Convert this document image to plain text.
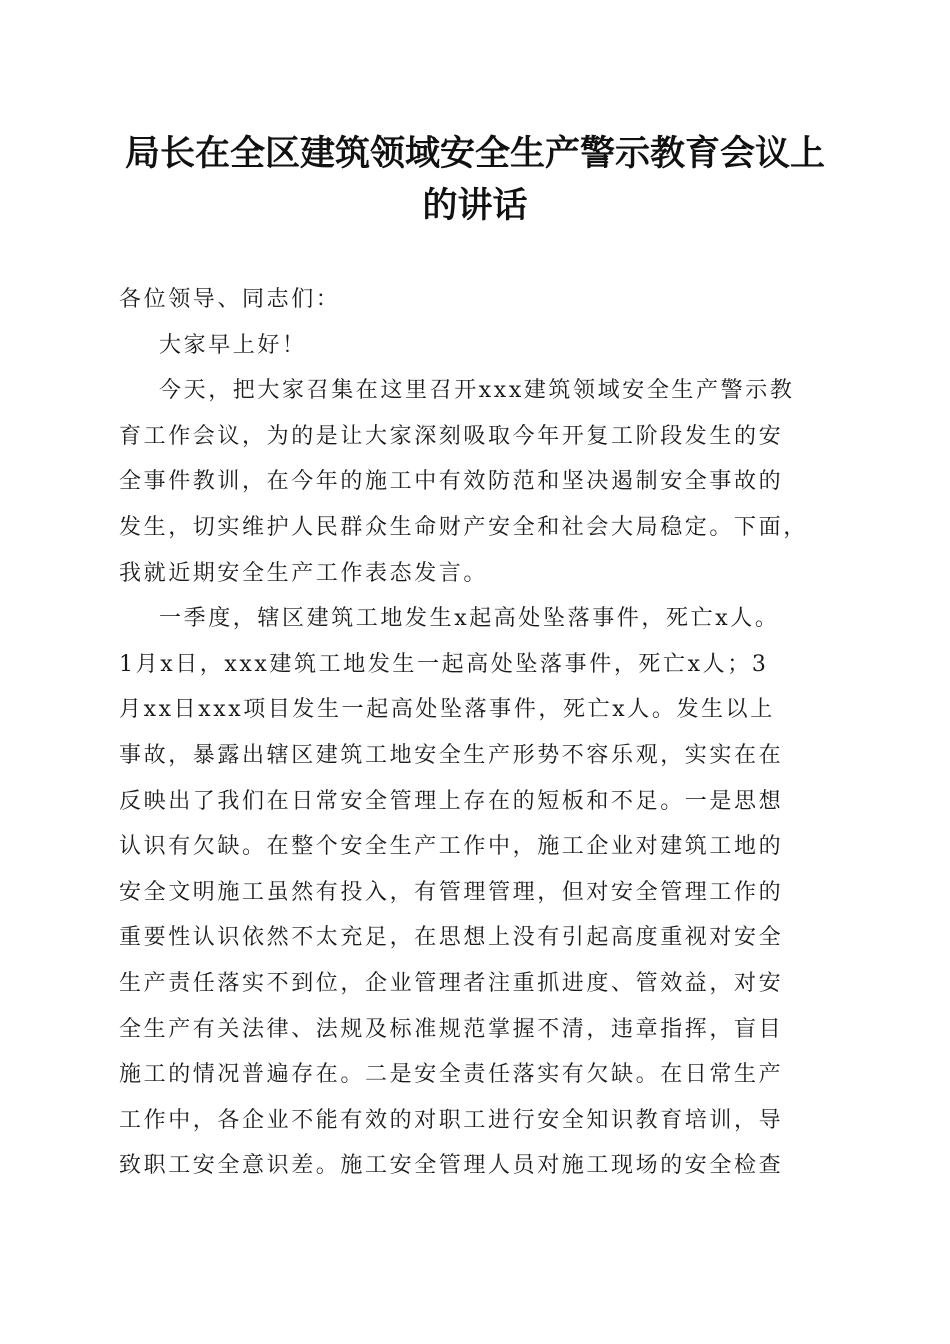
局长在全区建筑领域安全生产警示教育会议上
的讲话
各位领导、同志们：
大家早上好！
今天，把大家召集在这里召开xxx建筑领域安全生产警示教
育工作会议，为的是让大家深刻吸取今年开复工阶段发生的安
全事件教训，在今年的施工中有效防范和坚决遏制安全事故的
发生，切实维护人民群众生命财产安全和社会大局稳定。下面，
我就近期安全生产工作表态发言。
一季度，辖区建筑工地发生x起高处坠落事件，死亡x人。
1月x日，xxx建筑工地发生一起高处坠落事件，死亡x人；3
月xx日xxx项目发生一起高处坠落事件，死亡x人。发生以上
事故，暴露出辖区建筑工地安全生产形势不容乐观，实实在在
反映出了我们在日常安全管理上存在的短板和不足。一是思想
认识有欠缺。在整个安全生产工作中，施工企业对建筑工地的
安全文明施工虽然有投入，有管理管理，但对安全管理工作的
重要性认识依然不太充足，在思想上没有引起高度重视对安全
生产责任落实不到位，企业管理者注重抓进度、管效益，对安
全生产有关法律、法规及标准规范掌握不清，违章指挥，盲目
施工的情况普遍存在。二是安全责任落实有欠缺。在日常生产
工作中，各企业不能有效的对职工进行安全知识教育培训，导
致职工安全意识差。施工安全管理人员对施工现场的安全检查
